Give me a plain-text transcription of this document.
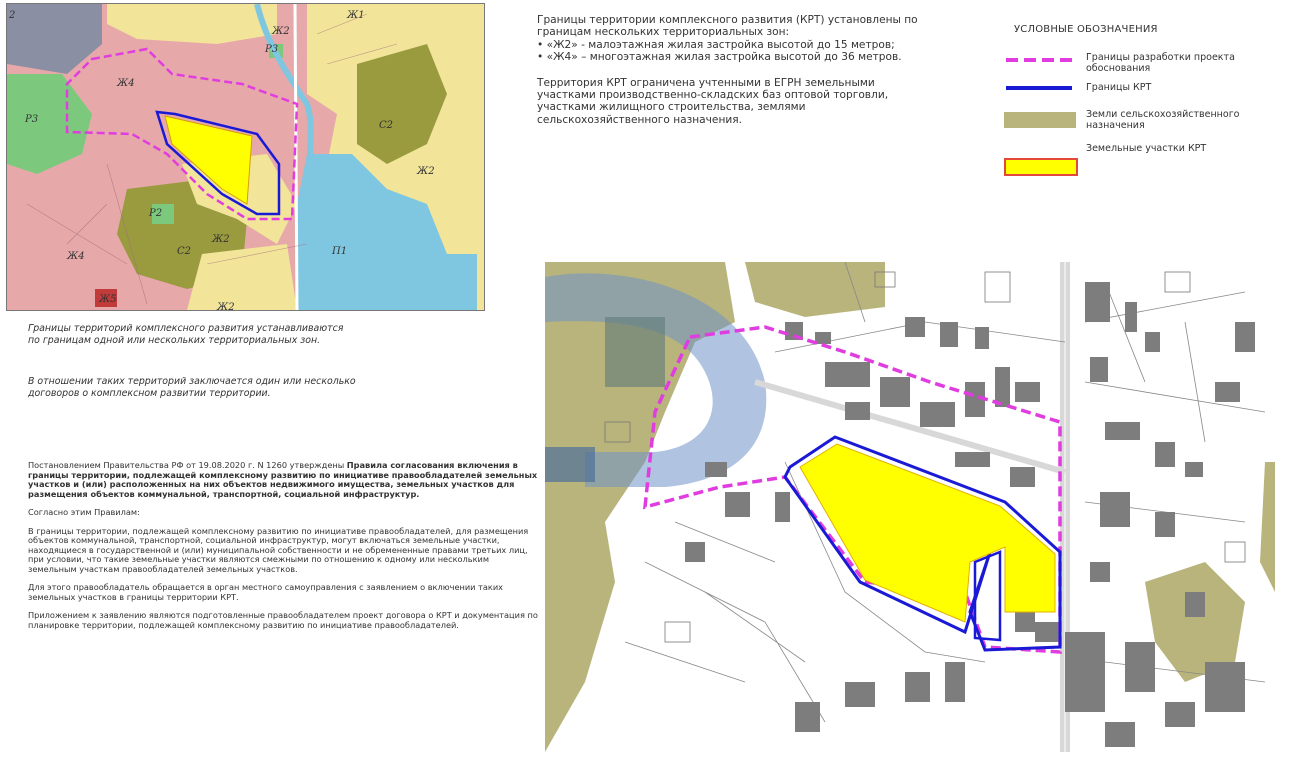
2	Ж1
Р3
Ж4
Ж2
Р3
С2
Ж2
Р2
С2
Ж2
Ж4	П1
Ж5
Ж2
Границы территорий комплексного развития устанавливаются по границам одной или нескольких территориальных зон.
В отношении таких территорий заключается один или несколько договоров о комплексном развитии территории.

Границы территории комплексного развития (КРТ) установлены по границам нескольких территориальных зон:

• «Ж2» - малоэтажная жилая застройка высотой до 15 метров;

• «Ж4» – многоэтажная жилая застройка высотой до 36 метров.

Территория КРТ ограничена учтенными в ЕГРН земельными участками производственно-складских баз оптовой торговли, участками жилищного строительства, землями сельскохозяйственного назначения.

УСЛОВНЫЕ ОБОЗНАЧЕНИЯ
Границы разработки проекта обоснования
Границы КРТ
Земли сельскохозяйственного назначения
Земельные участки КРТ

Постановлением Правительства РФ от 19.08.2020 г. N 1260 утверждены Правила согласования включения в границы территории, подлежащей комплексному развитию по инициативе правообладателей земельных участков и (или) расположенных на них объектов недвижимого имущества, земельных участков для размещения объектов коммунальной, транспортной, социальной инфраструктур.

Согласно этим Правилам:

В границы территории, подлежащей комплексному развитию по инициативе правообладателей, для размещения объектов коммунальной, транспортной, социальной инфраструктур, могут включаться земельные участки, находящиеся в государственной и (или) муниципальной собственности и не обремененные правами третьих лиц, при условии, что такие земельные участки являются смежными по отношению к одному или нескольким земельным участкам правообладателей земельных участков.

Для этого правообладатель обращается в орган местного самоуправления с заявлением о включении таких земельных участков в границы территории КРТ.

Приложением к заявлению являются подготовленные правообладателем проект договора о КРТ и документация по планировке территории, подлежащей комплексному развитию по инициативе правообладателей.
